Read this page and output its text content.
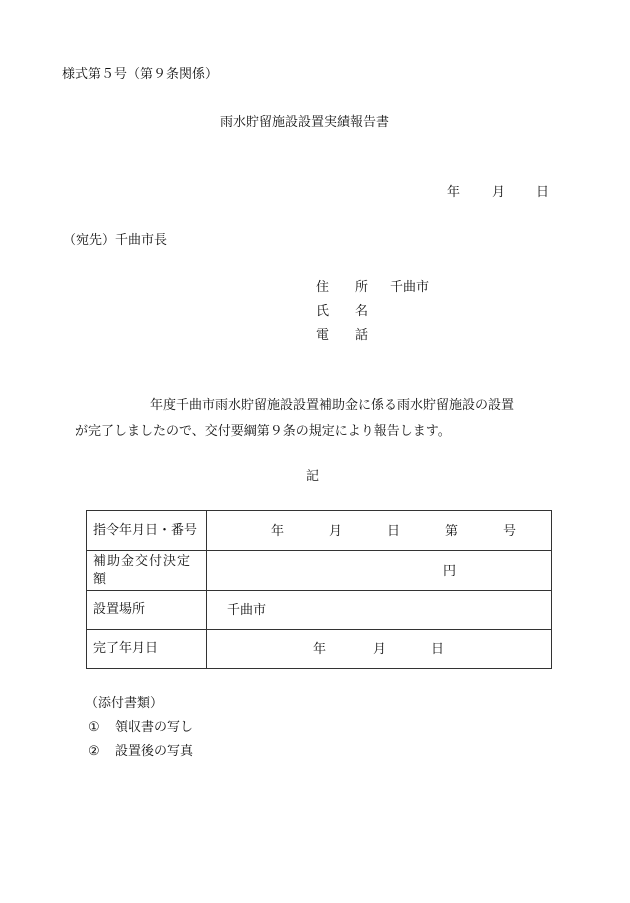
様式第５号（第９条関係）
雨水貯留施設設置実績報告書
年 月 日
（宛先）千曲市長
住　　所 千曲市
氏　　名
電　　話
年度千曲市雨水貯留施設設置補助金に係る雨水貯留施設の設置
が完了しましたので、交付要綱第９条の規定により報告します。
記
指令年月日・番号	年 月 日 第 号

補助金交付決定額	円

設置場所	千曲市

完了年月日	年 月 日
（添付書類）
① 領収書の写し
② 設置後の写真
